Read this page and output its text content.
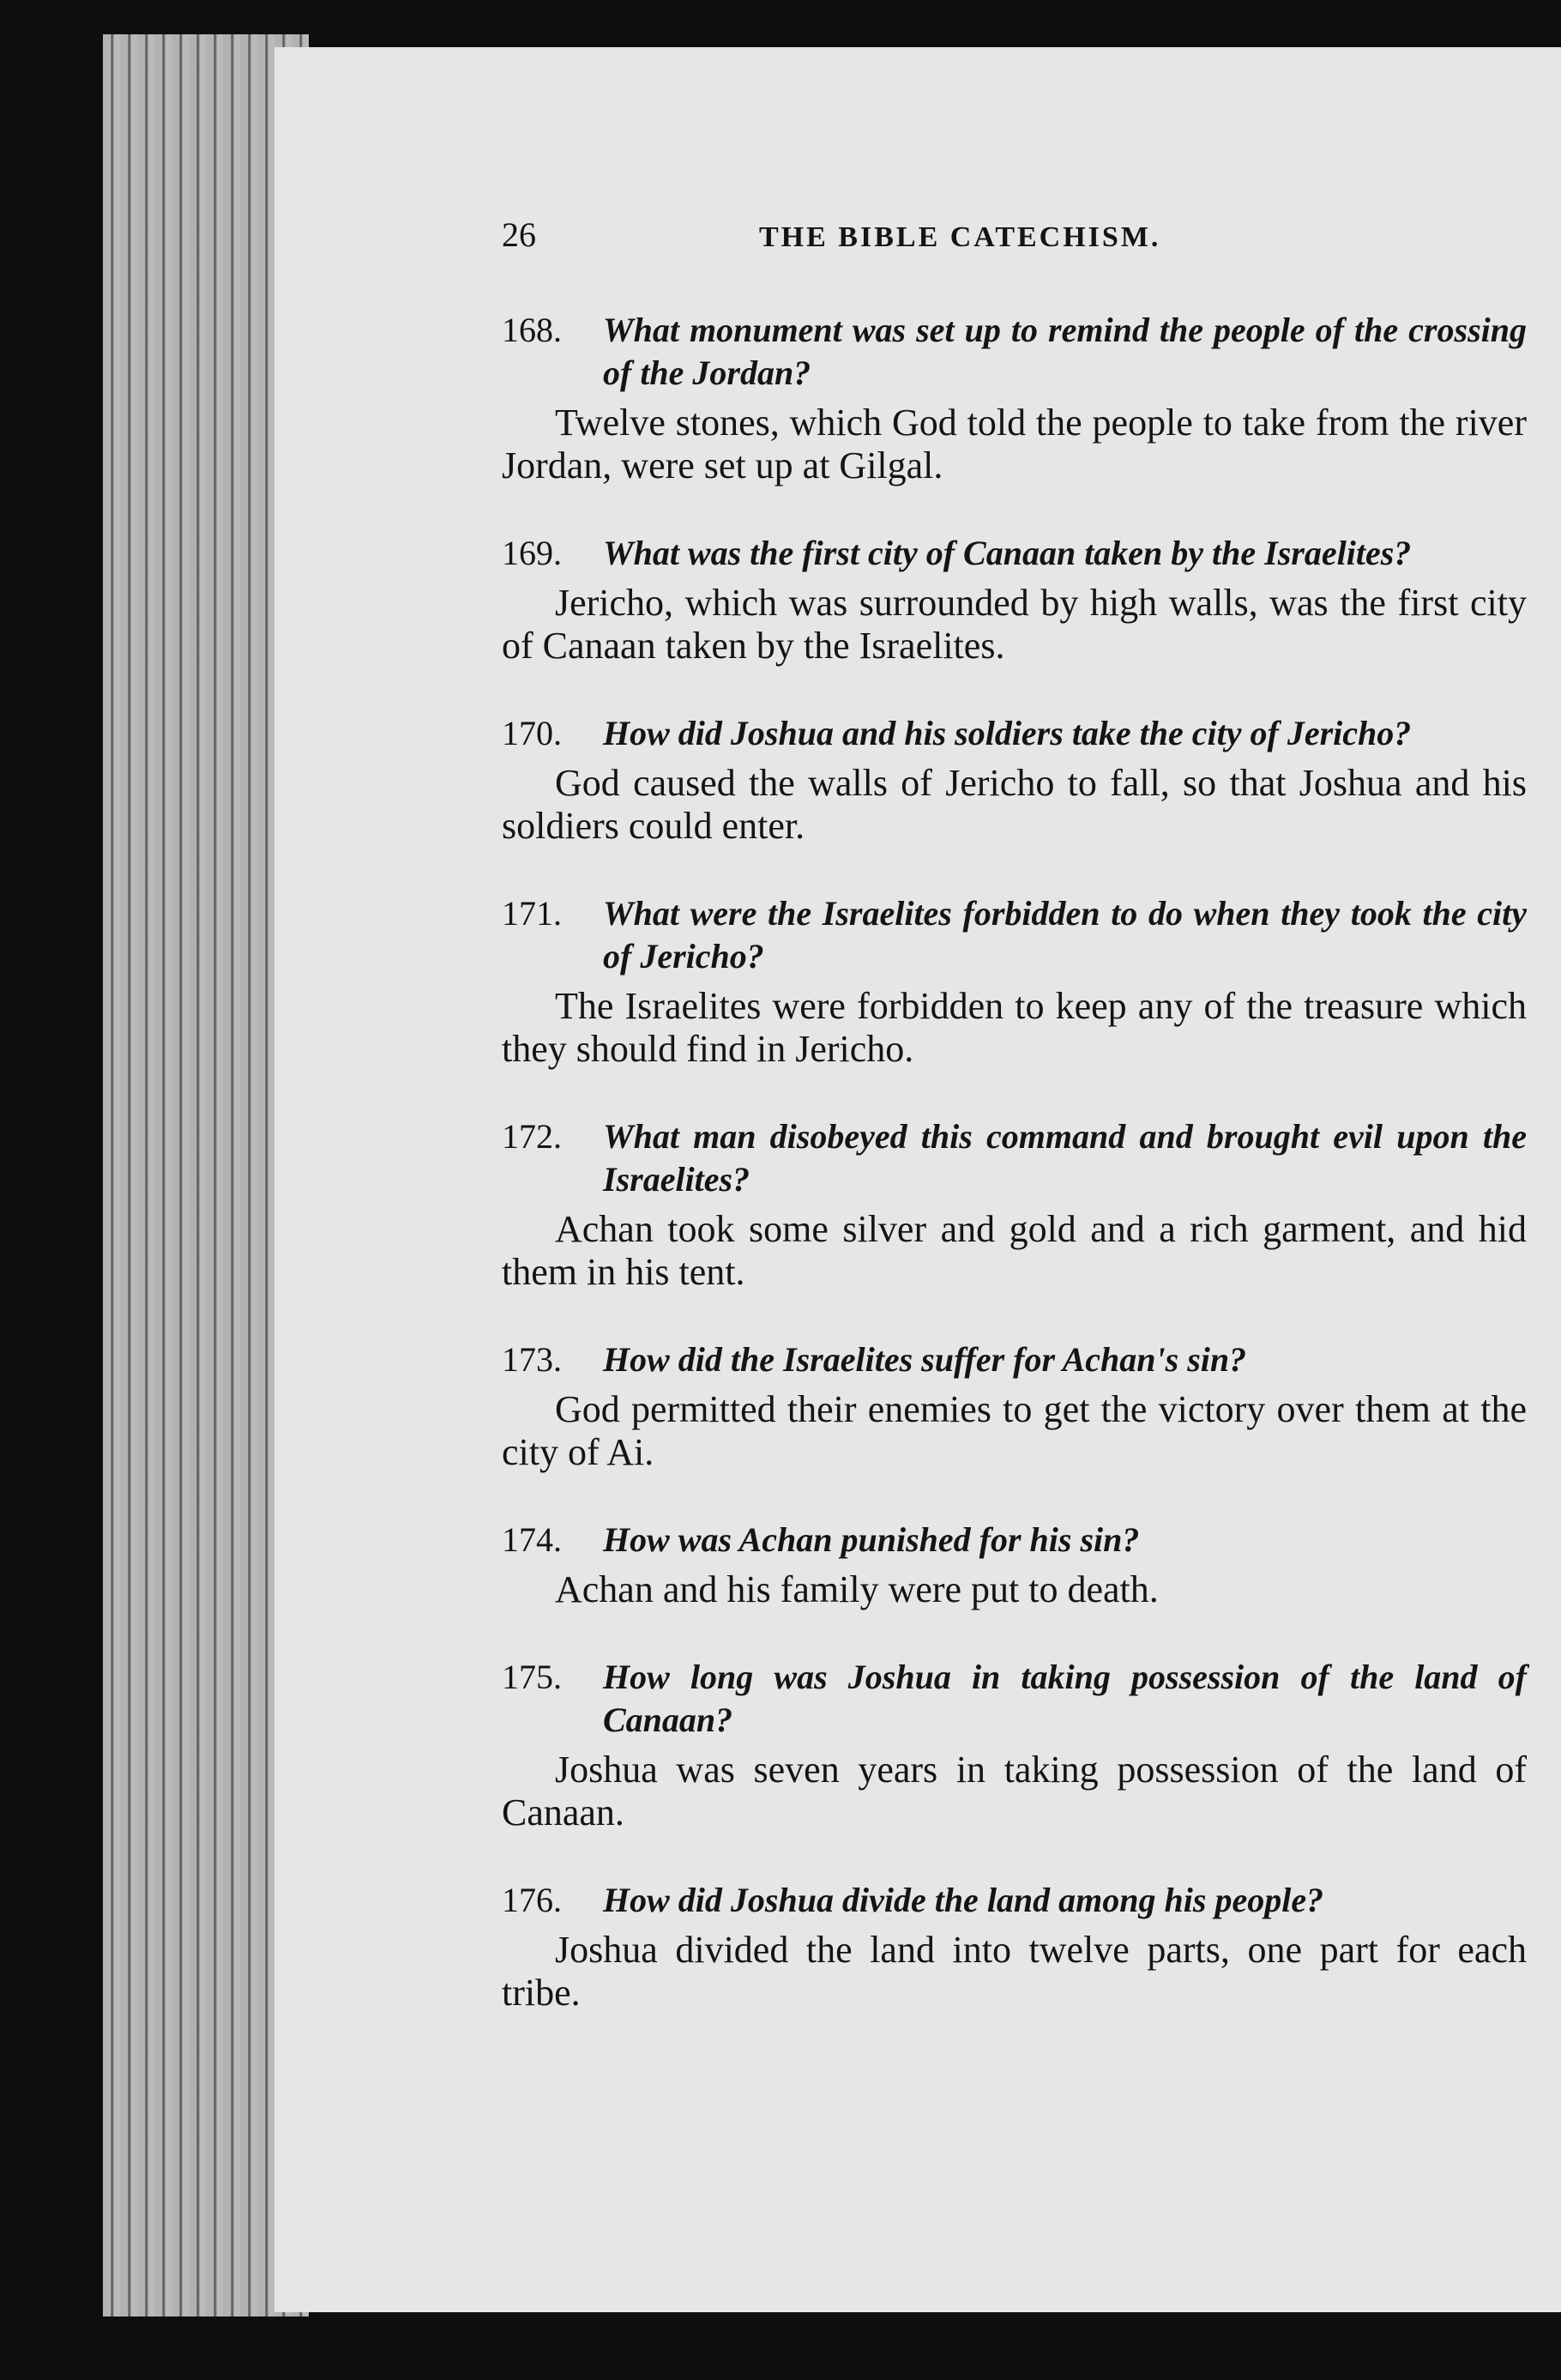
26	THE BIBLE CATECHISM.
168. What monument was set up to remind the people of the crossing of the Jordan?
Twelve stones, which God told the people to take from the river Jordan, were set up at Gilgal.
169. What was the first city of Canaan taken by the Israelites?
Jericho, which was surrounded by high walls, was the first city of Canaan taken by the Israelites.
170. How did Joshua and his soldiers take the city of Jericho?
God caused the walls of Jericho to fall, so that Joshua and his soldiers could enter.
171. What were the Israelites forbidden to do when they took the city of Jericho?
The Israelites were forbidden to keep any of the treasure which they should find in Jericho.
172. What man disobeyed this command and brought evil upon the Israelites?
Achan took some silver and gold and a rich garment, and hid them in his tent.
173. How did the Israelites suffer for Achan's sin?
God permitted their enemies to get the victory over them at the city of Ai.
174. How was Achan punished for his sin?
Achan and his family were put to death.
175. How long was Joshua in taking possession of the land of Canaan?
Joshua was seven years in taking possession of the land of Canaan.
176. How did Joshua divide the land among his people?
Joshua divided the land into twelve parts, one part for each tribe.
